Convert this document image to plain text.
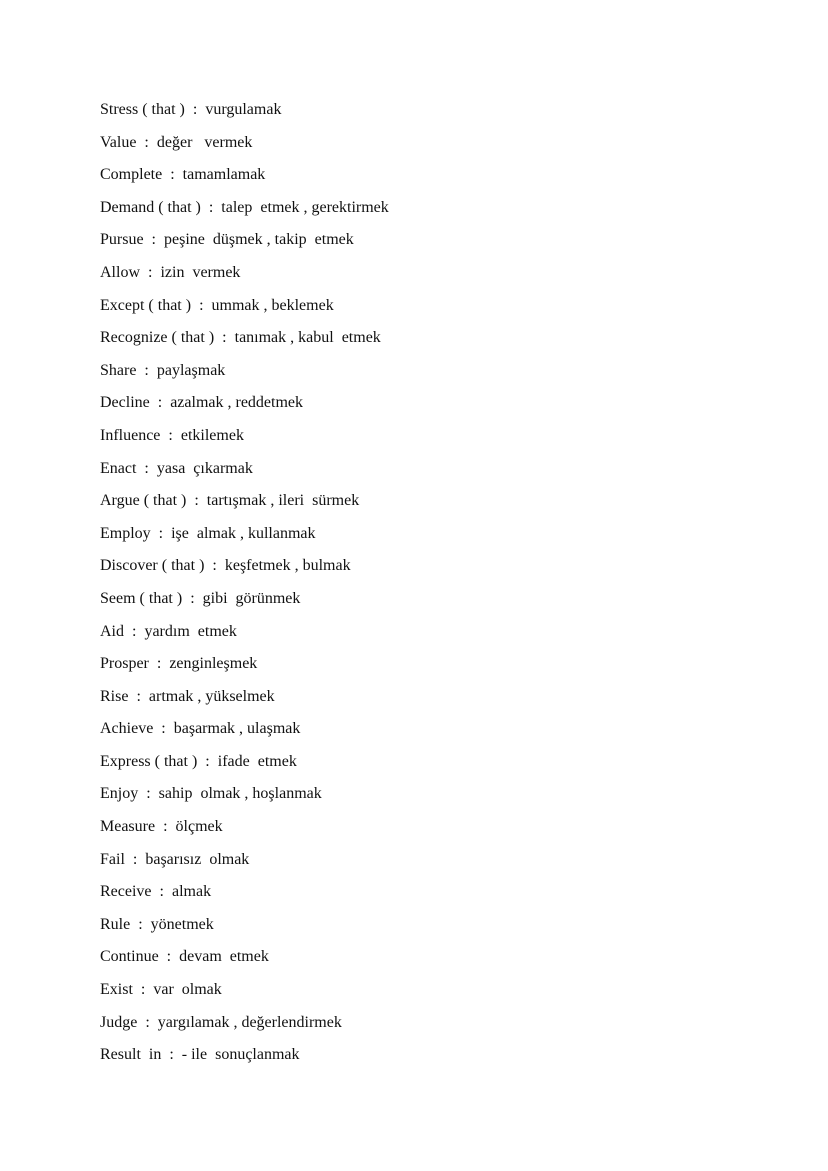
Stress ( that )  :  vurgulamak
Value  :  değer   vermek
Complete  :  tamamlamak
Demand ( that )  :  talep  etmek , gerektirmek
Pursue  :  peşine  düşmek , takip  etmek
Allow  :  izin  vermek
Except ( that )  :  ummak , beklemek
Recognize ( that )  :  tanımak , kabul  etmek
Share  :  paylaşmak
Decline  :  azalmak , reddetmek
Influence  :  etkilemek
Enact  :  yasa  çıkarmak
Argue ( that )  :  tartışmak , ileri  sürmek
Employ  :  işe  almak , kullanmak
Discover ( that )  :  keşfetmek , bulmak
Seem ( that )  :  gibi  görünmek
Aid  :  yardım  etmek
Prosper  :  zenginleşmek
Rise  :  artmak , yükselmek
Achieve  :  başarmak , ulaşmak
Express ( that )  :  ifade  etmek
Enjoy  :  sahip  olmak , hoşlanmak
Measure  :  ölçmek
Fail  :  başarısız  olmak
Receive  :  almak
Rule  :  yönetmek
Continue  :  devam  etmek
Exist  :  var  olmak
Judge  :  yargılamak , değerlendirmek
Result  in  :  - ile  sonuçlanmak
